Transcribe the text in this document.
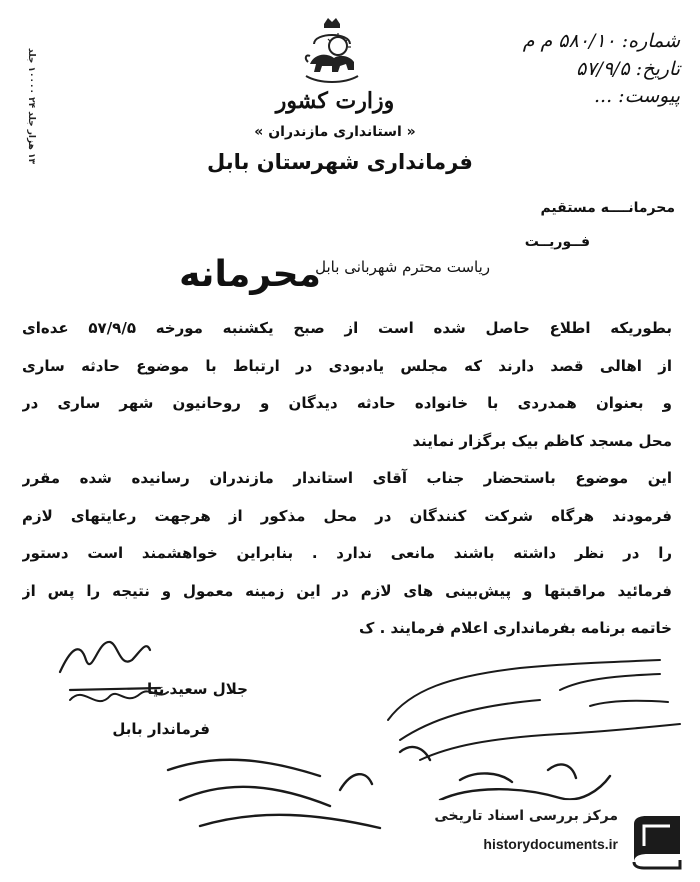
۱۳ هزار جلد ۲۴ ۱۰۰۰۰ جلد
وزارت کشور
« استانداری مازندران »
فرمانداری شهرستان بابل
شماره: ۵۸۰/۱۰ م م
تاریخ: ۵۷/۹/۵
پیوست: ...
محرمانــــه مستقیم
فــوریــت
ریاست محترم شهربانی بابل
محرمانه
بطوریکه اطلاع حاصل شده است از صبح یکشنبه مورخه ۵۷/۹/۵ عده‌ای
از اهالی قصد دارند که مجلس یادبودی در ارتباط با موضوع حادثه ساری
و بعنوان همدردی با خانواده حادثه دیدگان و روحانیون شهر ساری در
محل مسجد کاظم بیک برگزار نمایند
این موضوع باستحضار جناب آقای استاندار مازندران رسانیده شده مقرر
فرمودند هرگاه شرکت کنندگان در محل مذکور از هرجهت رعایتهای لازم
را در نظر داشته باشند مانعی ندارد . بنابراین خواهشمند است دستور
فرمائید مراقبتها و پیش‌بینی های لازم در این زمینه معمول و نتیجه را پس از
خاتمه برنامه بفرمانداری اعلام فرمایند . ک
جلال سعید نیا
فرماندار بابل
مرکز بررسی اسناد تاریخی
historydocuments.ir
